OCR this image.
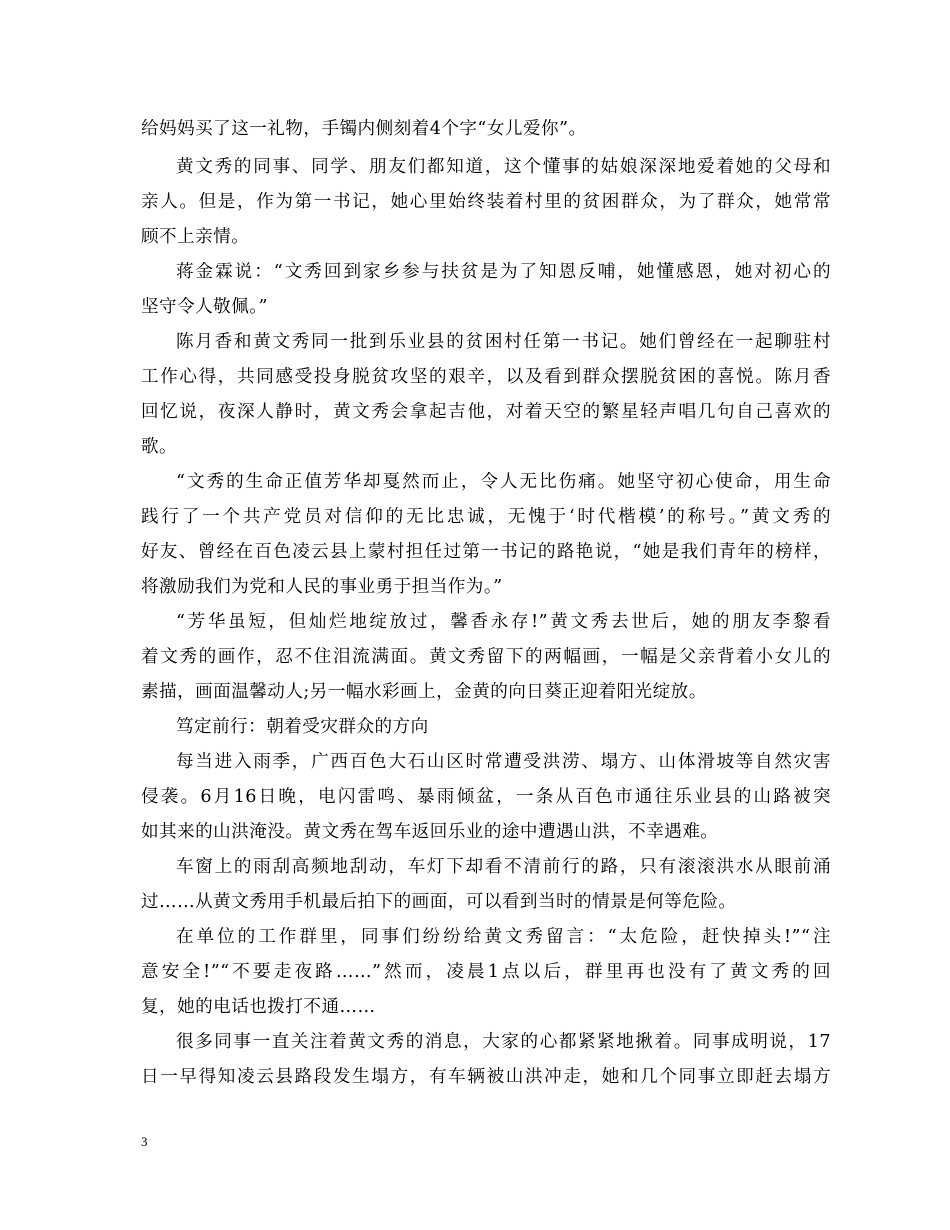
给妈妈买了这一礼物，手镯内侧刻着4个字“女儿爱你”。
黄文秀的同事、同学、朋友们都知道，这个懂事的姑娘深深地爱着她的父母和
亲人。但是，作为第一书记，她心里始终装着村里的贫困群众，为了群众，她常常
顾不上亲情。
蒋金霖说：“文秀回到家乡参与扶贫是为了知恩反哺，她懂感恩，她对初心的
坚守令人敬佩。”
陈月香和黄文秀同一批到乐业县的贫困村任第一书记。她们曾经在一起聊驻村
工作心得，共同感受投身脱贫攻坚的艰辛，以及看到群众摆脱贫困的喜悦。陈月香
回忆说，夜深人静时，黄文秀会拿起吉他，对着天空的繁星轻声唱几句自己喜欢的
歌。
“文秀的生命正值芳华却戛然而止，令人无比伤痛。她坚守初心使命，用生命
践行了一个共产党员对信仰的无比忠诚，无愧于‘时代楷模’的称号。”黄文秀的
好友、曾经在百色凌云县上蒙村担任过第一书记的路艳说，“她是我们青年的榜样，
将激励我们为党和人民的事业勇于担当作为。”
“芳华虽短，但灿烂地绽放过，馨香永存!”黄文秀去世后，她的朋友李黎看
着文秀的画作，忍不住泪流满面。黄文秀留下的两幅画，一幅是父亲背着小女儿的
素描，画面温馨动人;另一幅水彩画上，金黄的向日葵正迎着阳光绽放。
笃定前行：朝着受灾群众的方向
每当进入雨季，广西百色大石山区时常遭受洪涝、塌方、山体滑坡等自然灾害
侵袭。6月16日晚，电闪雷鸣、暴雨倾盆，一条从百色市通往乐业县的山路被突
如其来的山洪淹没。黄文秀在驾车返回乐业的途中遭遇山洪，不幸遇难。
车窗上的雨刮高频地刮动，车灯下却看不清前行的路，只有滚滚洪水从眼前涌
过……从黄文秀用手机最后拍下的画面，可以看到当时的情景是何等危险。
在单位的工作群里，同事们纷纷给黄文秀留言：“太危险，赶快掉头!”“注
意安全!”“不要走夜路……”然而，凌晨1点以后，群里再也没有了黄文秀的回
复，她的电话也拨打不通……
很多同事一直关注着黄文秀的消息，大家的心都紧紧地揪着。同事成明说，17
日一早得知凌云县路段发生塌方，有车辆被山洪冲走，她和几个同事立即赶去塌方
3
